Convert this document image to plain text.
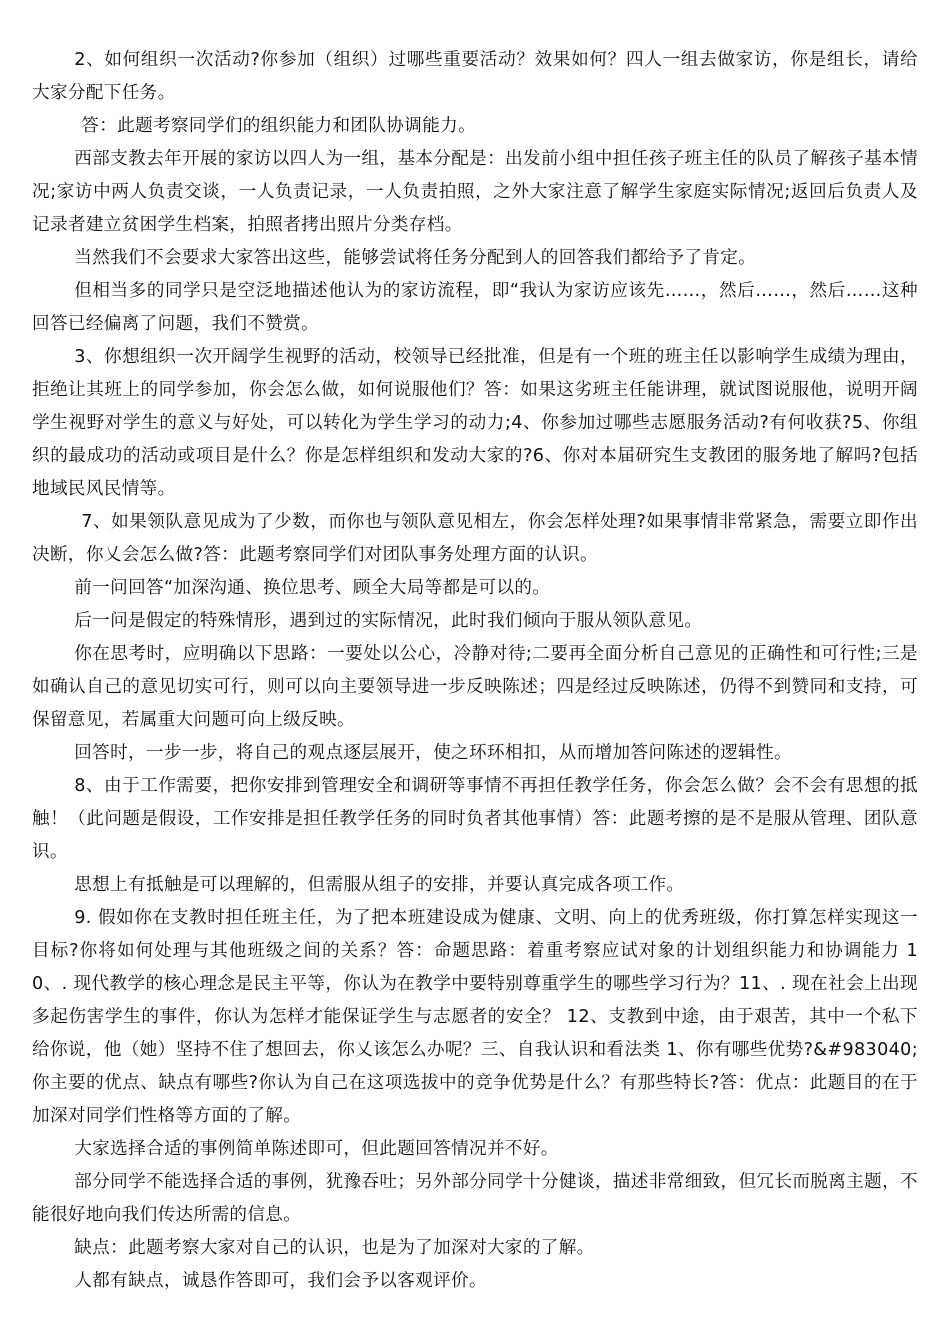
2、如何组织一次活动?你参加（组织）过哪些重要活动？效果如何？四人一组去做家访，你是组长，请给大家分配下任务。

答：此题考察同学们的组织能力和团队协调能力。

西部支教去年开展的家访以四人为一组，基本分配是：出发前小组中担任孩子班主任的队员了解孩子基本情况;家访中两人负责交谈，一人负责记录，一人负责拍照，之外大家注意了解学生家庭实际情况;返回后负责人及记录者建立贫困学生档案，拍照者拷出照片分类存档。

当然我们不会要求大家答出这些，能够尝试将任务分配到人的回答我们都给予了肯定。

但相当多的同学只是空泛地描述他认为的家访流程，即“我认为家访应该先……，然后……，然后……这种回答已经偏离了问题，我们不赞赏。

3、你想组织一次开阔学生视野的活动，校领导已经批准，但是有一个班的班主任以影响学生成绩为理由，拒绝让其班上的同学参加，你会怎么做，如何说服他们？答：如果这劣班主任能讲理，就试图说服他，说明开阔学生视野对学生的意义与好处，可以转化为学生学习的动力;4、你参加过哪些志愿服务活动?有何收获?5、你组织的最成功的活动或项目是什么？你是怎样组织和发动大家的?6、你对本届研究生支教团的服务地了解吗?包括地域民风民情等。

7、如果领队意见成为了少数，而你也与领队意见相左，你会怎样处理?如果事情非常紧急，需要立即作出决断，你乂会怎么做?答：此题考察同学们对团队事务处理方面的认识。

前一问回答“加深沟通、换位思考、顾全大局等都是可以的。

后一问是假定的特殊情形，遇到过的实际情况，此时我们倾向于服从领队意见。

你在思考时，应明确以下思路：一要处以公心，冷静对待;二要再全面分析自己意见的正确性和可行性;三是如确认自己的意见切实可行，则可以向主要领导进一步反映陈述；四是经过反映陈述，仍得不到赞同和支持，可保留意见，若属重大问题可向上级反映。

回答时，一步一步，将自己的观点逐层展开，使之环环相扣，从而增加答问陈述的逻辑性。

8、由于工作需要，把你安排到管理安全和调研等事情不再担任教学任务，你会怎么做？会不会有思想的抵触！（此问题是假设，工作安排是担任教学任务的同时负者其他事情）答：此题考擦的是不是服从管理、团队意识。

思想上有抵触是可以理解的，但需服从组子的安排，并要认真完成各项工作。

9. 假如你在支教时担任班主任，为了把本班建设成为健康、文明、向上的优秀班级，你打算怎样实现这一目标?你将如何处理与其他班级之间的关系？答：命题思路：着重考察应试对象的计划组织能力和协调能力 10、. 现代教学的核心理念是民主平等，你认为在教学中要特别尊重学生的哪些学习行为？11、. 现在社会上出现多起伤害学生的事件，你认为怎样才能保证学生与志愿者的安全？ 12、支教到中途，由于艰苦，其中一个私下给你说，他（她）坚持不住了想回去，你乂该怎么办呢？三、自我认识和看法类 1、你有哪些优势?&#983040;你主要的优点、缺点有哪些?你认为自己在这项选拔中的竞争优势是什么？有那些特长?答：优点：此题目的在于加深对同学们性格等方面的了解。

大家选择合适的事例简单陈述即可，但此题回答情况并不好。

部分同学不能选择合适的事例，犹豫吞吐；另外部分同学十分健谈，描述非常细致，但冗长而脱离主题，不能很好地向我们传达所需的信息。

缺点：此题考察大家对自己的认识，也是为了加深对大家的了解。

人都有缺点，诚恳作答即可，我们会予以客观评价。
